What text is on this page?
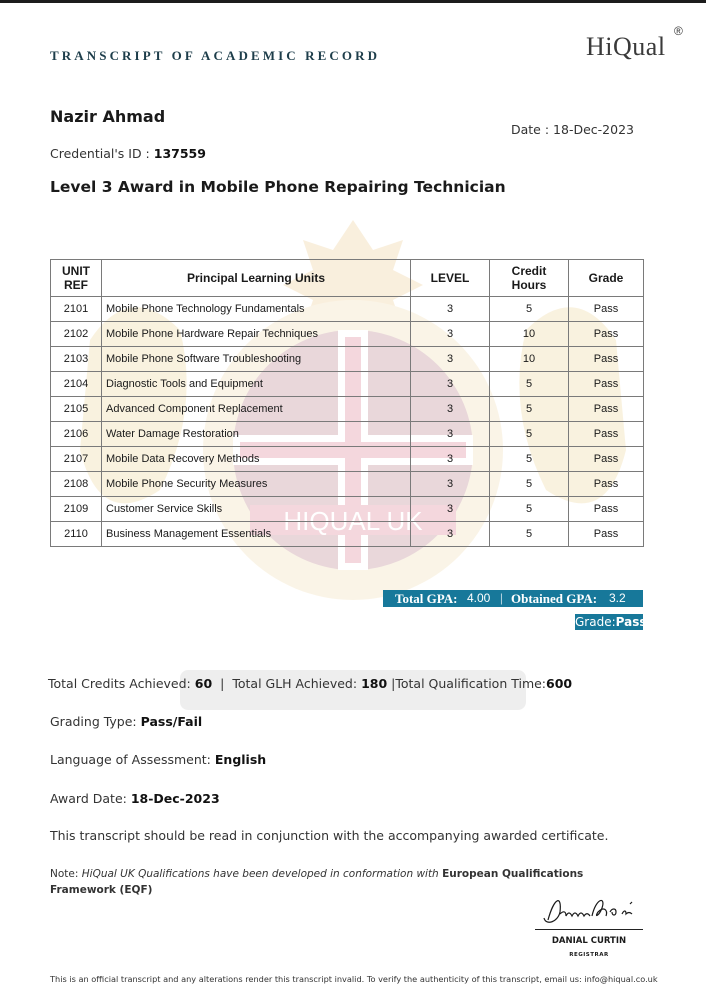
TRANSCRIPT OF ACADEMIC RECORD	HiQual
®
HIQUAL UK
Nazir Ahmad
Date : 18-Dec-2023
Credential's ID : 137559
Level 3 Award in Mobile Phone Repairing Technician
UNIT REF	Principal Learning Units	LEVEL	Credit Hours	Grade
2101	Mobile Phone Technology Fundamentals	3	5	Pass
2102	Mobile Phone Hardware Repair Techniques	3	10	Pass
2103	Mobile Phone Software Troubleshooting	3	10	Pass
2104	Diagnostic Tools and Equipment	3	5	Pass
2105	Advanced Component Replacement	3	5	Pass
2106	Water Damage Restoration	3	5	Pass
2107	Mobile Data Recovery Methods	3	5	Pass
2108	Mobile Phone Security Measures	3	5	Pass
2109	Customer Service Skills	3	5	Pass
2110	Business Management Essentials	3	5	Pass
Total GPA: 4.00 | Obtained GPA: 3.2
Grade:Pass
Total Credits Achieved: 60 | Total GLH Achieved: 180 |Total Qualification Time:600
Grading Type: Pass/Fail
Language of Assessment: English
Award Date: 18-Dec-2023
This transcript should be read in conjunction with the accompanying awarded certificate.
Note: HiQual UK Qualifications have been developed in conformation with European Qualifications Framework (EQF)
DANIAL CURTIN
REGISTRAR
This is an official transcript and any alterations render this transcript invalid. To verify the authenticity of this transcript, email us: info@hiqual.co.uk
